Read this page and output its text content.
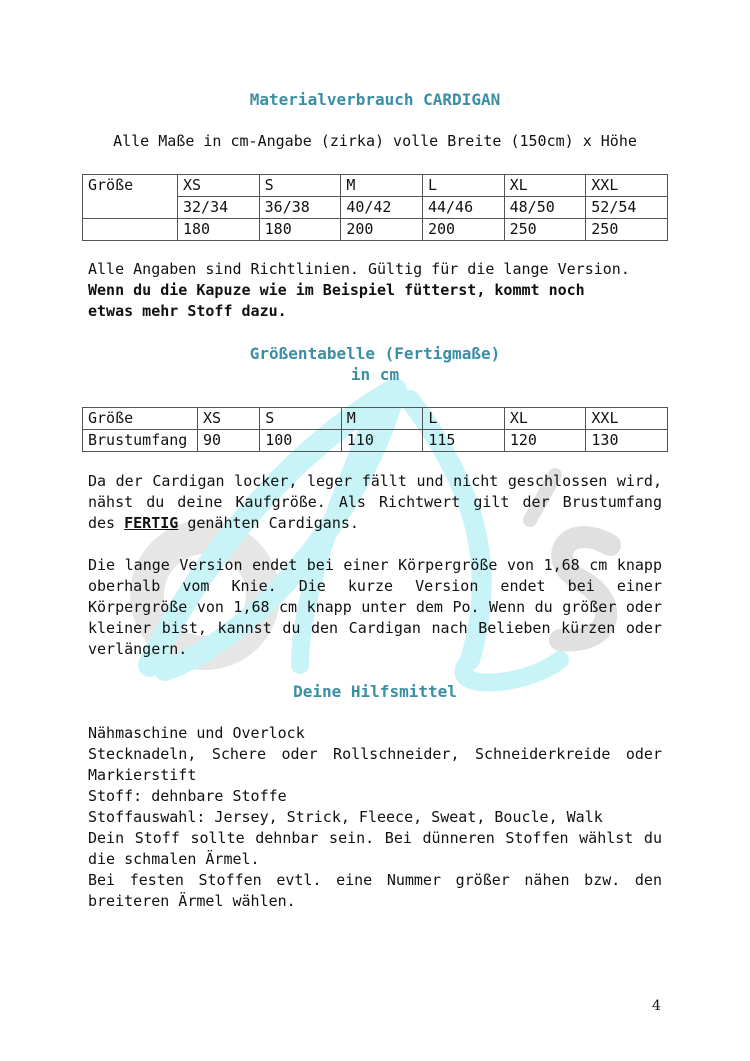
Materialverbrauch CARDIGAN
Alle Maße in cm-Angabe (zirka) volle Breite (150cm) x Höhe
Größe	XS	S	M	L	XL	XXL
	32/34	36/38	40/42	44/46	48/50	52/54
	180	180	200	200	250	250
Alle Angaben sind Richtlinien. Gültig für die lange Version.
Wenn du die Kapuze wie im Beispiel fütterst, kommt noch
etwas mehr Stoff dazu.
Größentabelle (Fertigmaße)
in cm
Größe	XS	S	M	L	XL	XXL
Brustumfang	90	100	110	115	120	130
Da der Cardigan locker, leger fällt und nicht geschlossen wird,
nähst du deine Kaufgröße. Als Richtwert gilt der Brustumfang
des FERTIG genähten Cardigans.
Die lange Version endet bei einer Körpergröße von 1,68 cm knapp
oberhalb vom Knie. Die kurze Version endet bei einer
Körpergröße von 1,68 cm knapp unter dem Po. Wenn du größer oder
kleiner bist, kannst du den Cardigan nach Belieben kürzen oder
verlängern.
Deine Hilfsmittel
Nähmaschine und Overlock
Stecknadeln, Schere oder Rollschneider, Schneiderkreide oder
Markierstift
Stoff: dehnbare Stoffe
Stoffauswahl: Jersey, Strick, Fleece, Sweat, Boucle, Walk
Dein Stoff sollte dehnbar sein. Bei dünneren Stoffen wählst du
die schmalen Ärmel.
Bei festen Stoffen evtl. eine Nummer größer nähen bzw. den
breiteren Ärmel wählen.
4
